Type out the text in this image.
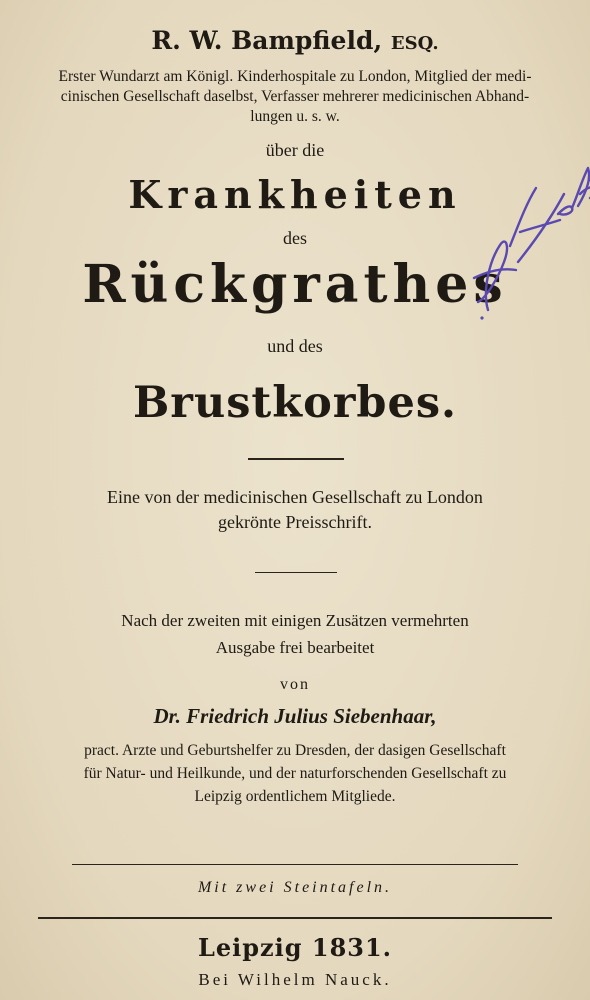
R. W. Bampfield, ESQ.
Erster Wundarzt am Königl. Kinderhospitale zu London, Mitglied der medi-
cinischen Gesellschaft daselbst, Verfasser mehrerer medicinischen Abhand-
lungen u. s. w.
über die
Krankheiten
des
Rückgrathes
und des
Brustkorbes.
Eine von der medicinischen Gesellschaft zu London
gekrönte Preisschrift.
Nach der zweiten mit einigen Zusätzen vermehrten
Ausgabe frei bearbeitet
von
Dr. Friedrich Julius Siebenhaar,
pract. Arzte und Geburtshelfer zu Dresden, der dasigen Gesellschaft
für Natur- und Heilkunde, und der naturforschenden Gesellschaft zu
Leipzig ordentlichem Mitgliede.
Mit zwei Steintafeln.
Leipzig 1831.
Bei Wilhelm Nauck.
